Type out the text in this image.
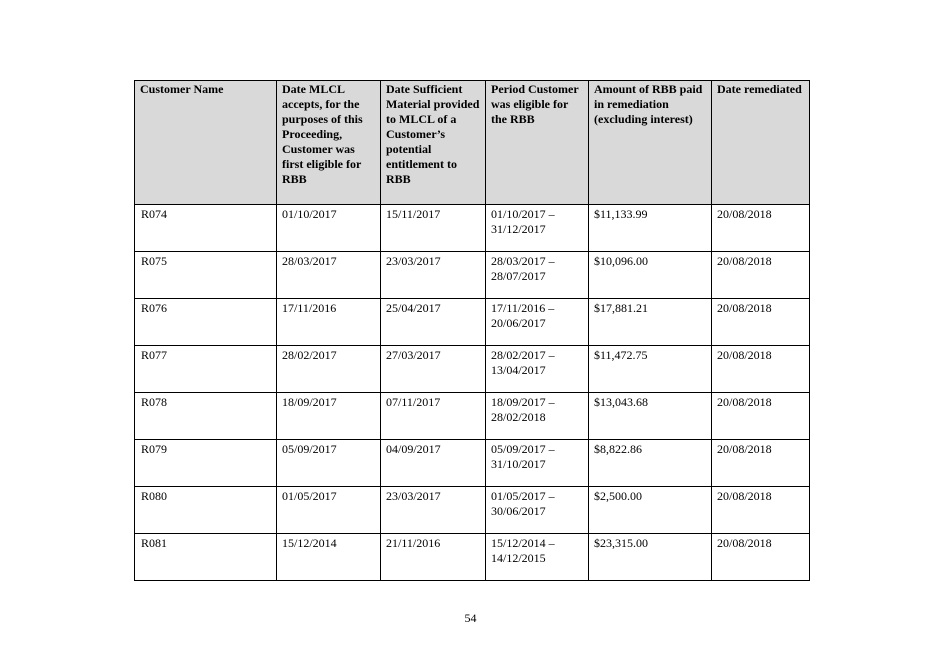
Customer Name	Date MLCL accepts, for the purposes of this Proceeding, Customer was first eligible for RBB	Date Sufficient Material provided to MLCL of a Customer’s potential entitlement to RBB	Period Customer was eligible for the RBB	Amount of RBB paid in remediation (excluding interest)	Date remediated
R074	01/10/2017	15/11/2017	01/10/2017 – 31/12/2017	$11,133.99	20/08/2018
R075	28/03/2017	23/03/2017	28/03/2017 – 28/07/2017	$10,096.00	20/08/2018
R076	17/11/2016	25/04/2017	17/11/2016 – 20/06/2017	$17,881.21	20/08/2018
R077	28/02/2017	27/03/2017	28/02/2017 – 13/04/2017	$11,472.75	20/08/2018
R078	18/09/2017	07/11/2017	18/09/2017 – 28/02/2018	$13,043.68	20/08/2018
R079	05/09/2017	04/09/2017	05/09/2017 – 31/10/2017	$8,822.86	20/08/2018
R080	01/05/2017	23/03/2017	01/05/2017 – 30/06/2017	$2,500.00	20/08/2018
R081	15/12/2014	21/11/2016	15/12/2014 – 14/12/2015	$23,315.00	20/08/2018
54
